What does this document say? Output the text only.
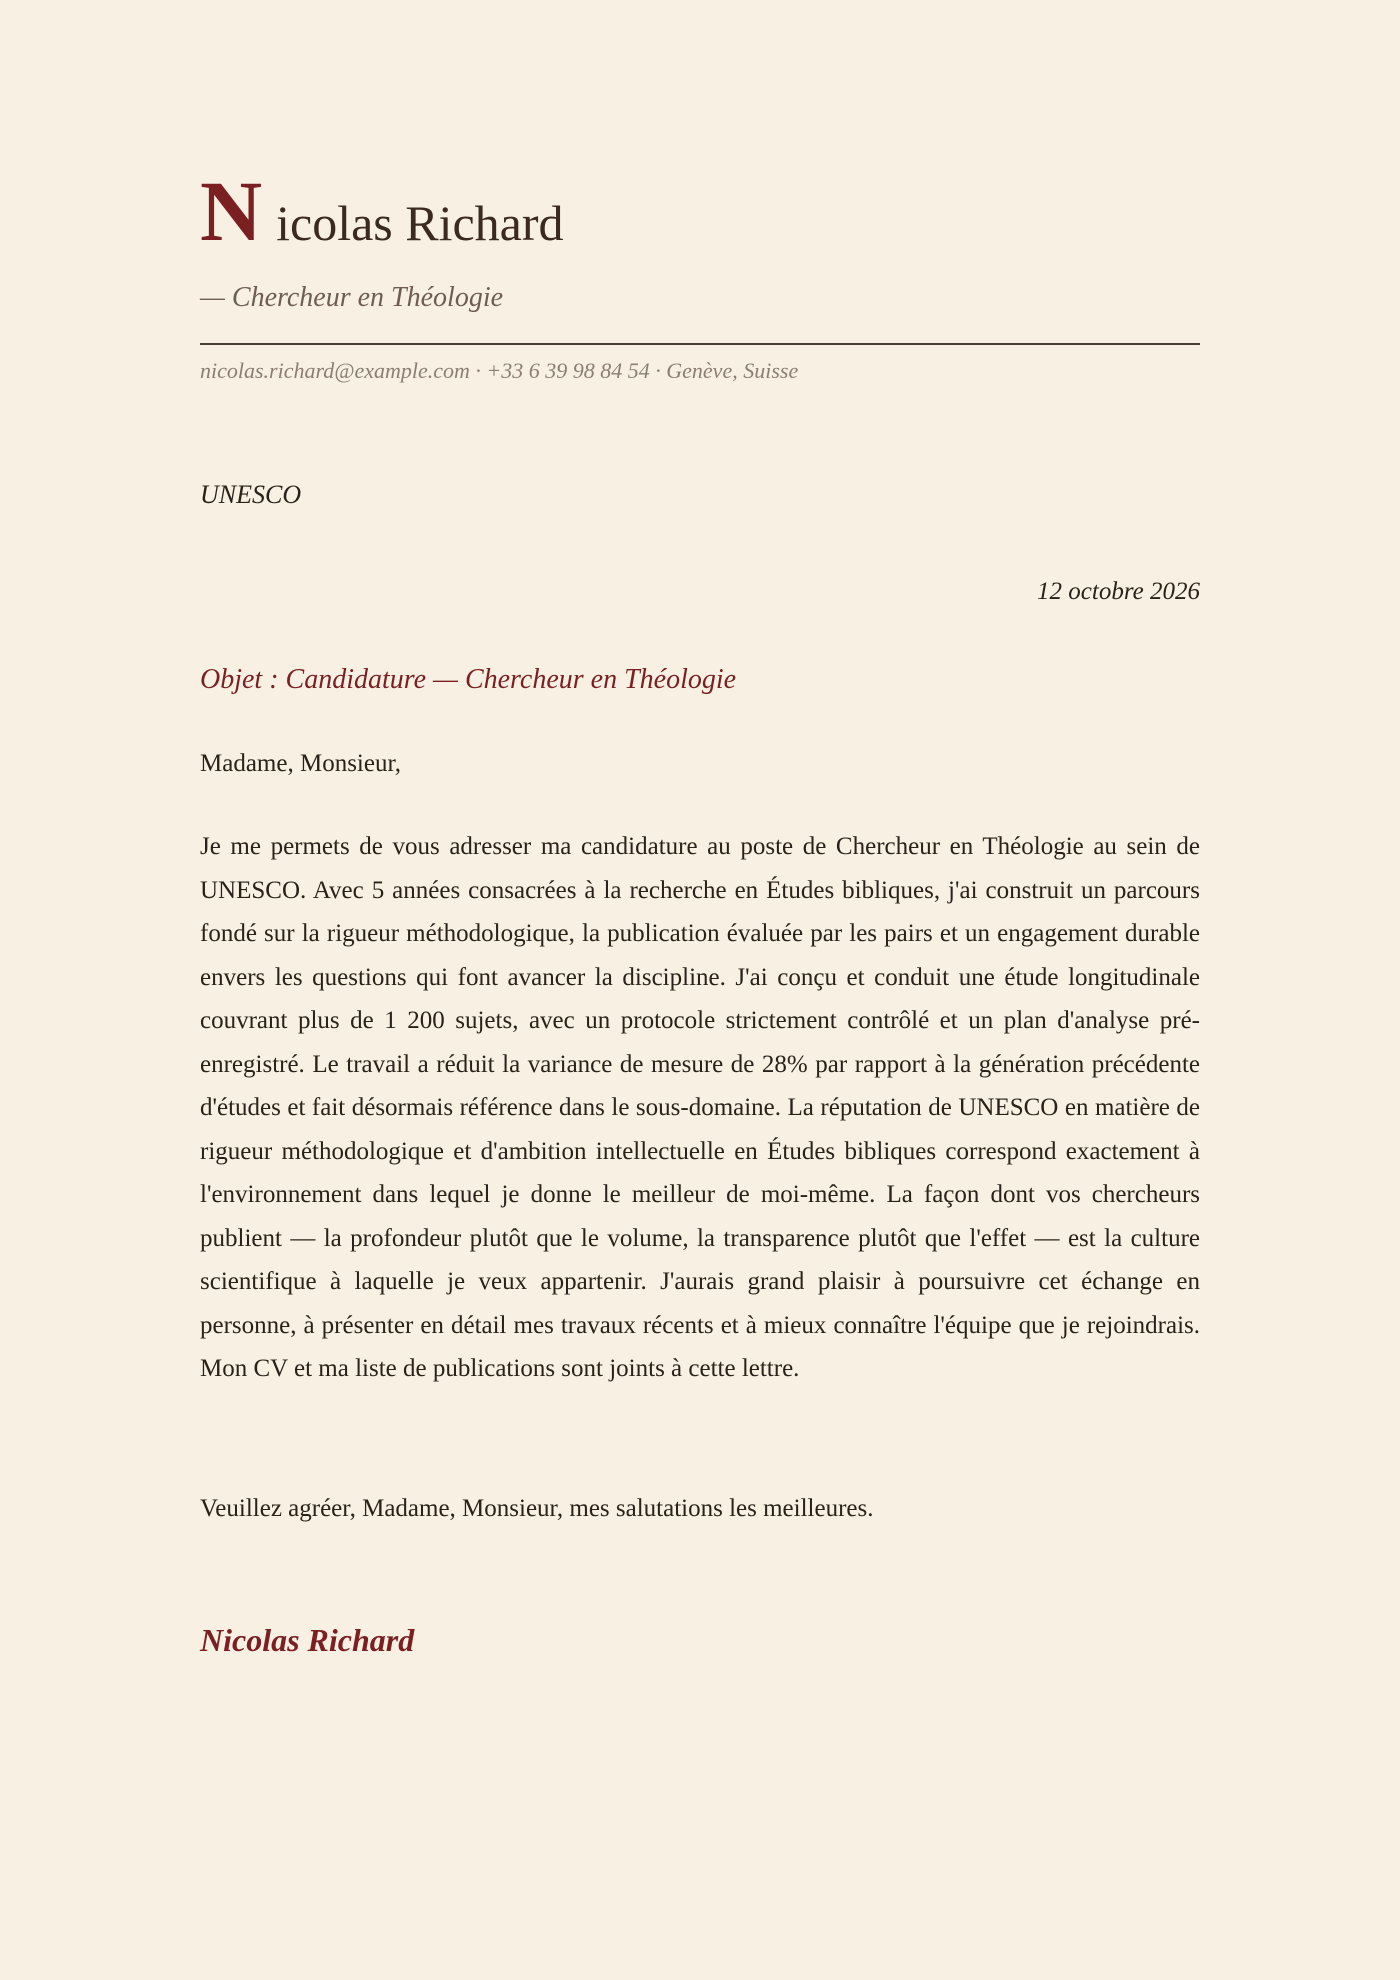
Nicolas Richard
— Chercheur en Théologie
nicolas.richard@example.com · +33 6 39 98 84 54 · Genève, Suisse
UNESCO
12 octobre 2026
Objet : Candidature — Chercheur en Théologie
Madame, Monsieur,

Je me permets de vous adresser ma candidature au poste de Chercheur en Théologie au sein de UNESCO. Avec 5 années consacrées à la recherche en Études bibliques, j'ai construit un parcours fondé sur la rigueur méthodologique, la publication évaluée par les pairs et un engagement durable envers les questions qui font avancer la discipline. J'ai conçu et conduit une étude longitudinale couvrant plus de 1 200 sujets, avec un protocole strictement contrôlé et un plan d'analyse pré-enregistré. Le travail a réduit la variance de mesure de 28% par rapport à la génération précédente d'études et fait désormais référence dans le sous-domaine. La réputation de UNESCO en matière de rigueur méthodologique et d'ambition intellectuelle en Études bibliques correspond exactement à l'environnement dans lequel je donne le meilleur de moi-même. La façon dont vos chercheurs publient — la profondeur plutôt que le volume, la transparence plutôt que l'effet — est la culture scientifique à laquelle je veux appartenir. J'aurais grand plaisir à poursuivre cet échange en personne, à présenter en détail mes travaux récents et à mieux connaître l'équipe que je rejoindrais. Mon CV et ma liste de publications sont joints à cette lettre.

Veuillez agréer, Madame, Monsieur, mes salutations les meilleures.
Nicolas Richard
